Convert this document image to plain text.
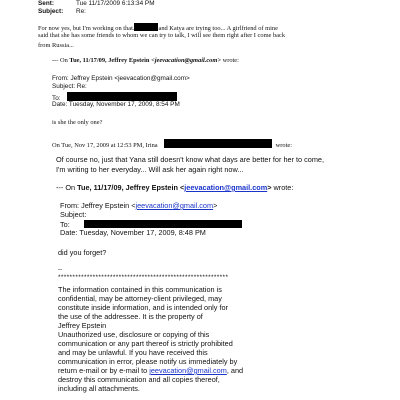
Sent:	Tue 11/17/2009 6:13:34 PM
Subject: Re:
For now yes, but I'm working on that.	and Katya are trying too... A girlfriend of mine
said that she has some friends to whom we can try to talk, I will see them right after I come back
from Russia...
--- On Tue, 11/17/09, Jeffrey Epstein <jeevacation@gmail.com> wrote:
From: Jeffrey Epstein <jeevacation@gmail.com>
Subject: Re:
To:
Date: Tuesday, November 17, 2009, 8:54 PM
is she the only one?
On Tue, Nov 17, 2009 at 12:53 PM, Irina	wrote:
Of course no, just that Yana still doesn't know what days are better for her to come,
I'm writing to her everyday... Will ask her again right now...
--- On Tue, 11/17/09, Jeffrey Epstein <jeevacation@gmail.com> wrote:
From: Jeffrey Epstein <jeevacation@gmail.com>
Subject:
To:
Date: Tuesday, November 17, 2009, 8:48 PM
did you forget?
--
***********************************************************
The information contained in this communication is
confidential, may be attorney-client privileged, may
constitute inside information, and is intended only for
the use of the addressee. It is the property of
Jeffrey Epstein
Unauthorized use, disclosure or copying of this
communication or any part thereof is strictly prohibited
and may be unlawful. If you have received this
communication in error, please notify us immediately by
return e-mail or by e-mail to jeevacation@gmail.com, and
destroy this communication and all copies thereof,
including all attachments.
